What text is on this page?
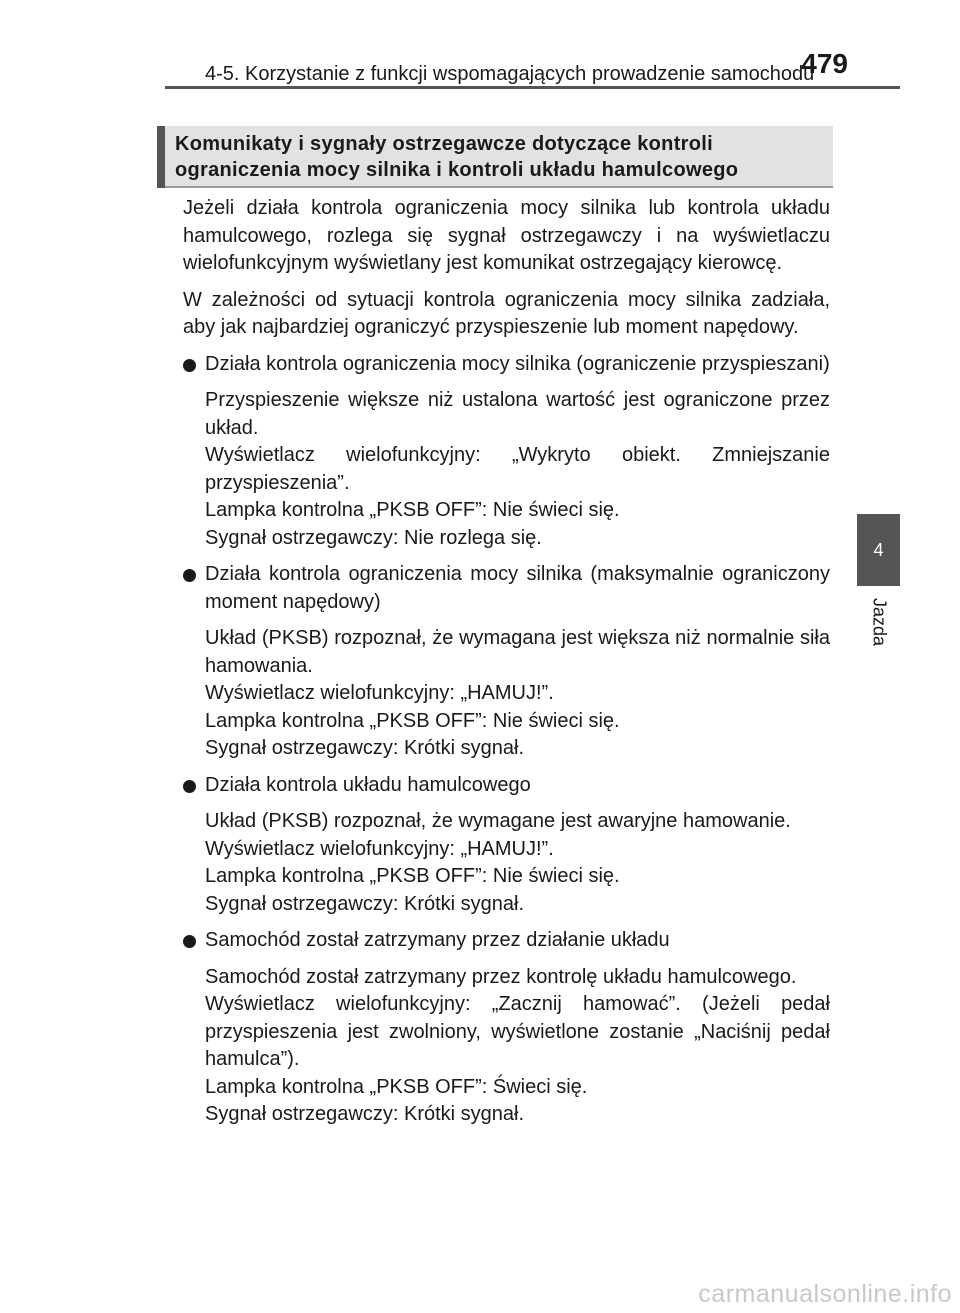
4-5. Korzystanie z funkcji wspomagających prowadzenie samochodu
479
Komunikaty i sygnały ostrzegawcze dotyczące kontroli ograniczenia mocy silnika i kontroli układu hamulcowego
4
Jazda

Jeżeli działa kontrola ograniczenia mocy silnika lub kontrola układu hamulcowego, rozlega się sygnał ostrzegawczy i na wyświetlaczu wielofunkcyjnym wyświetlany jest komunikat ostrzegający kierowcę.

W zależności od sytuacji kontrola ograniczenia mocy silnika zadziała, aby jak najbardziej ograniczyć przyspieszenie lub moment napędowy.

Działa kontrola ograniczenia mocy silnika (ograniczenie przyspieszani)
Przyspieszenie większe niż ustalona wartość jest ograniczone przez układ.
Wyświetlacz wielofunkcyjny: „Wykryto obiekt. Zmniejszanie przyspieszenia”.
Lampka kontrolna „PKSB OFF”: Nie świeci się.
Sygnał ostrzegawczy: Nie rozlega się.
Działa kontrola ograniczenia mocy silnika (maksymalnie ograniczony moment napędowy)
Układ (PKSB) rozpoznał, że wymagana jest większa niż normalnie siła hamowania.
Wyświetlacz wielofunkcyjny: „HAMUJ!”.
Lampka kontrolna „PKSB OFF”: Nie świeci się.
Sygnał ostrzegawczy: Krótki sygnał.
Działa kontrola układu hamulcowego
Układ (PKSB) rozpoznał, że wymagane jest awaryjne hamowanie.
Wyświetlacz wielofunkcyjny: „HAMUJ!”.
Lampka kontrolna „PKSB OFF”: Nie świeci się.
Sygnał ostrzegawczy: Krótki sygnał.
Samochód został zatrzymany przez działanie układu
Samochód został zatrzymany przez kontrolę układu hamulcowego.
Wyświetlacz wielofunkcyjny: „Zacznij hamować”. (Jeżeli pedał przyspieszenia jest zwolniony, wyświetlone zostanie „Naciśnij pedał hamulca”).
Lampka kontrolna „PKSB OFF”: Świeci się.
Sygnał ostrzegawczy: Krótki sygnał.
carmanualsonline.info
